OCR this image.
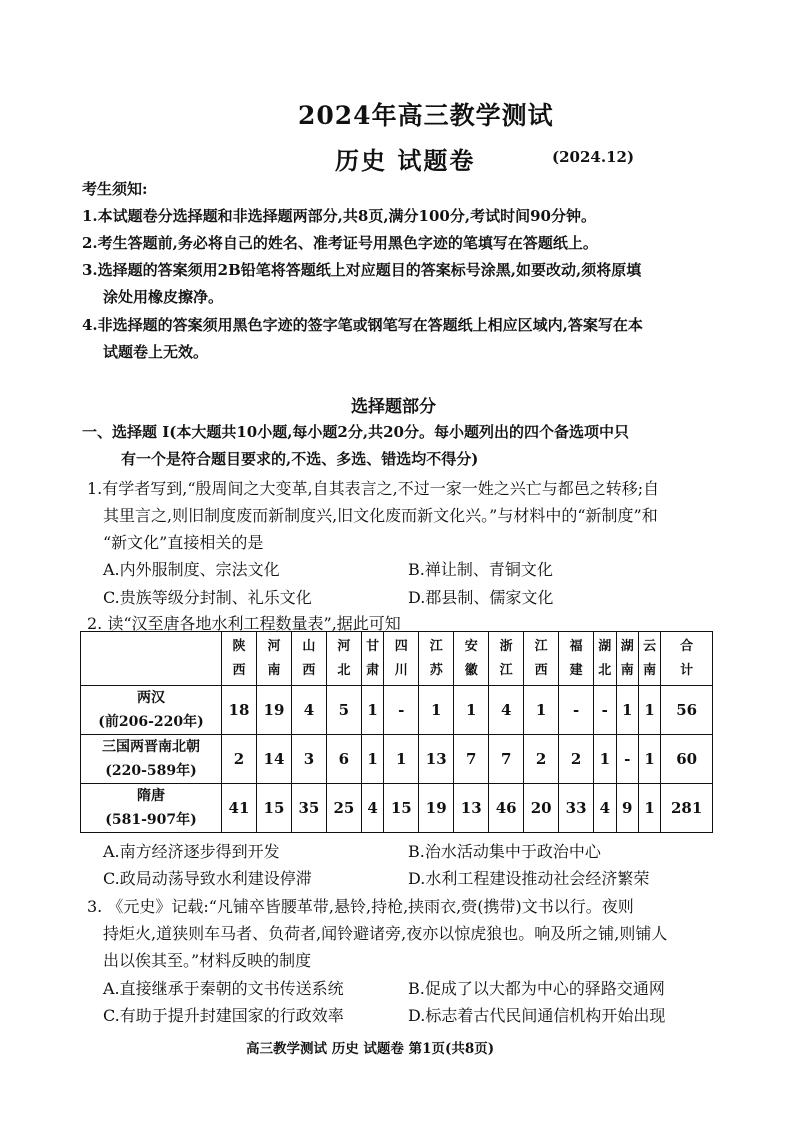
2024年高三教学测试
历史 试题卷	(2024.12)
考生须知:
1.本试题卷分选择题和非选择题两部分,共8页,满分100分,考试时间90分钟。
2.考生答题前,务必将自己的姓名、准考证号用黑色字迹的笔填写在答题纸上。
3.选择题的答案须用2B铅笔将答题纸上对应题目的答案标号涂黑,如要改动,须将原填
涂处用橡皮擦净。
4.非选择题的答案须用黑色字迹的签字笔或钢笔写在答题纸上相应区域内,答案写在本
试题卷上无效。
选择题部分
一、选择题 I(本大题共10小题,每小题2分,共20分。每小题列出的四个备选项中只
有一个是符合题目要求的,不选、多选、错选均不得分)
1.有学者写到,“殷周间之大变革,自其表言之,不过一家一姓之兴亡与都邑之转移;自
其里言之,则旧制度废而新制度兴,旧文化废而新文化兴。”与材料中的“新制度”和
“新文化”直接相关的是
A.内外服制度、宗法文化	B.禅让制、青铜文化
C.贵族等级分封制、礼乐文化	D.郡县制、儒家文化
2. 读“汉至唐各地水利工程数量表”,据此可知
	陕
西	河
南	山
西	河
北	甘
肃	四
川	江
苏	安
徽	浙
江	江
西	福
建	湖
北	湖
南	云
南	合
计
两汉
(前206-220年)	18	19	4	5	1	-	1	1	4	1	-	-	1	1	56
三国两晋南北朝
(220-589年)	2	14	3	6	1	1	13	7	7	2	2	1	-	1	60
隋唐
(581-907年)	41	15	35	25	4	15	19	13	46	20	33	4	9	1	281
A.南方经济逐步得到开发	B.治水活动集中于政治中心
C.政局动荡导致水利建设停滞	D.水利工程建设推动社会经济繁荣
3. 《元史》记载:“凡铺卒皆腰革带,悬铃,持枪,挟雨衣,赍(携带)文书以行。夜则
持炬火,道狭则车马者、负荷者,闻铃避诸旁,夜亦以惊虎狼也。响及所之铺,则铺人
出以俟其至。”材料反映的制度
A.直接继承于秦朝的文书传送系统	B.促成了以大都为中心的驿路交通网
C.有助于提升封建国家的行政效率	D.标志着古代民间通信机构开始出现
高三教学测试 历史 试题卷 第1页(共8页)
